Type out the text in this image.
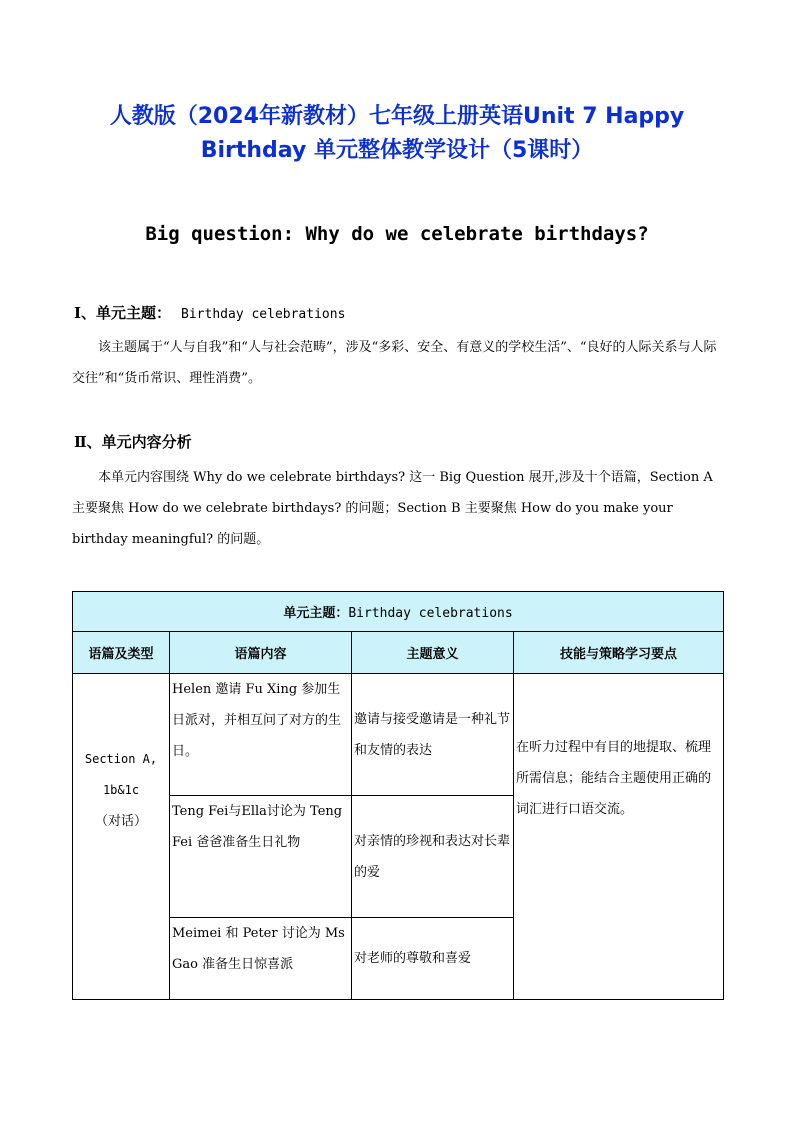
人教版（2024年新教材）七年级上册英语Unit 7 Happy
Birthday 单元整体教学设计（5课时）

Big question: Why do we celebrate birthdays?

Ⅰ、单元主题： Birthday celebrations

该主题属于“人与自我”和“人与社会范畴”，涉及“多彩、安全、有意义的学校生活”、“良好的人际关系与人际交往”和“货币常识、理性消费”。

Ⅱ、单元内容分析

本单元内容围绕 Why do we celebrate birthdays? 这一 Big Question 展开,涉及十个语篇，Section A 主要聚焦 How do we celebrate birthdays? 的问题；Section B 主要聚焦 How do you make your birthday meaningful? 的问题。

单元主题：Birthday celebrations			
语篇及类型	语篇内容	主题意义	技能与策略学习要点

Section A, 1b&1c
（对话）	Helen 邀请 Fu Xing 参加生日派对，并相互问了对方的生日。	邀请与接受邀请是一种礼节和友情的表达	在听力过程中有目的地提取、梳理所需信息；能结合主题使用正确的词汇进行口语交流。
	Teng Fei与Ella讨论为 Teng Fei 爸爸准备生日礼物	对亲情的珍视和表达对长辈的爱	
	Meimei 和 Peter 讨论为 Ms Gao 准备生日惊喜派	对老师的尊敬和喜爱	
